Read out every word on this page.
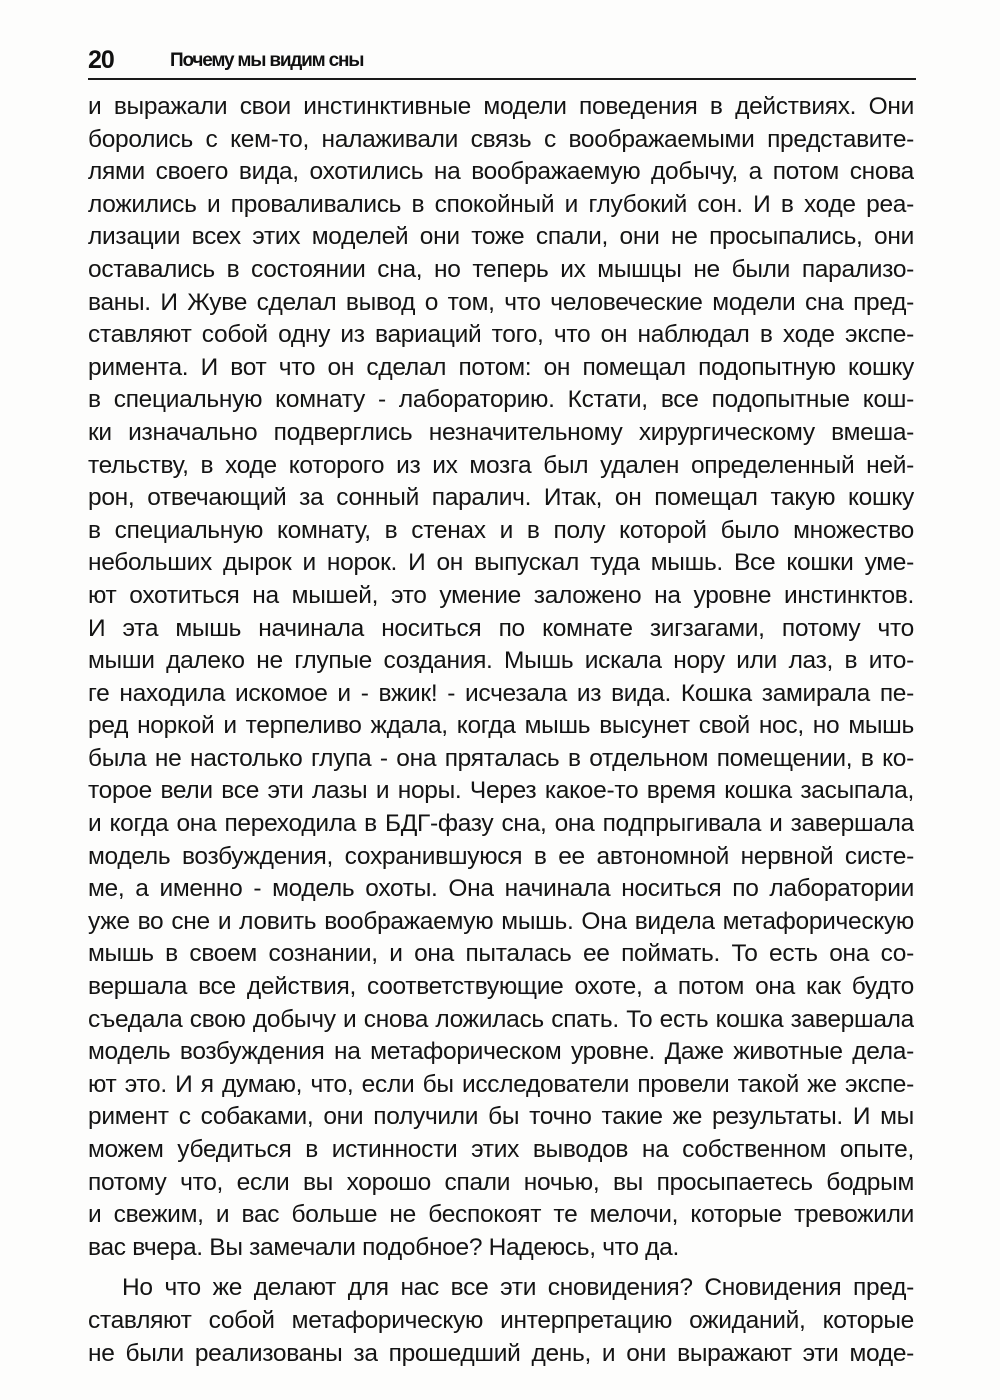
20	Почему мы видим сны
и выражали свои инстинктивные модели поведения в действиях. Они
боролись с кем-то, налаживали связь с воображаемыми представите-
лями своего вида, охотились на воображаемую добычу, а потом снова
ложились и проваливались в спокойный и глубокий сон. И в ходе реа-
лизации всех этих моделей они тоже спали, они не просыпались, они
оставались в состоянии сна, но теперь их мышцы не были парализо-
ваны. И Жуве сделал вывод о том, что человеческие модели сна пред-
ставляют собой одну из вариаций того, что он наблюдал в ходе экспе-
римента. И вот что он сделал потом: он помещал подопытную кошку
в специальную комнату - лабораторию. Кстати, все подопытные кош-
ки изначально подверглись незначительному хирургическому вмеша-
тельству, в ходе которого из их мозга был удален определенный ней-
рон, отвечающий за сонный паралич. Итак, он помещал такую кошку
в специальную комнату, в стенах и в полу которой было множество
небольших дырок и норок. И он выпускал туда мышь. Все кошки уме-
ют охотиться на мышей, это умение заложено на уровне инстинктов.
И эта мышь начинала носиться по комнате зигзагами, потому что
мыши далеко не глупые создания. Мышь искала нору или лаз, в ито-
ге находила искомое и - вжик! - исчезала из вида. Кошка замирала пе-
ред норкой и терпеливо ждала, когда мышь высунет свой нос, но мышь
была не настолько глупа - она пряталась в отдельном помещении, в ко-
торое вели все эти лазы и норы. Через какое-то время кошка засыпала,
и когда она переходила в БДГ-фазу сна, она подпрыгивала и завершала
модель возбуждения, сохранившуюся в ее автономной нервной систе-
ме, а именно - модель охоты. Она начинала носиться по лаборатории
уже во сне и ловить воображаемую мышь. Она видела метафорическую
мышь в своем сознании, и она пыталась ее поймать. То есть она со-
вершала все действия, соответствующие охоте, а потом она как будто
съедала свою добычу и снова ложилась спать. То есть кошка завершала
модель возбуждения на метафорическом уровне. Даже животные дела-
ют это. И я думаю, что, если бы исследователи провели такой же экспе-
римент с собаками, они получили бы точно такие же результаты. И мы
можем убедиться в истинности этих выводов на собственном опыте,
потому что, если вы хорошо спали ночью, вы просыпаетесь бодрым
и свежим, и вас больше не беспокоят те мелочи, которые тревожили
вас вчера. Вы замечали подобное? Надеюсь, что да.
Но что же делают для нас все эти сновидения? Сновидения пред-
ставляют собой метафорическую интерпретацию ожиданий, которые
не были реализованы за прошедший день, и они выражают эти моде-
